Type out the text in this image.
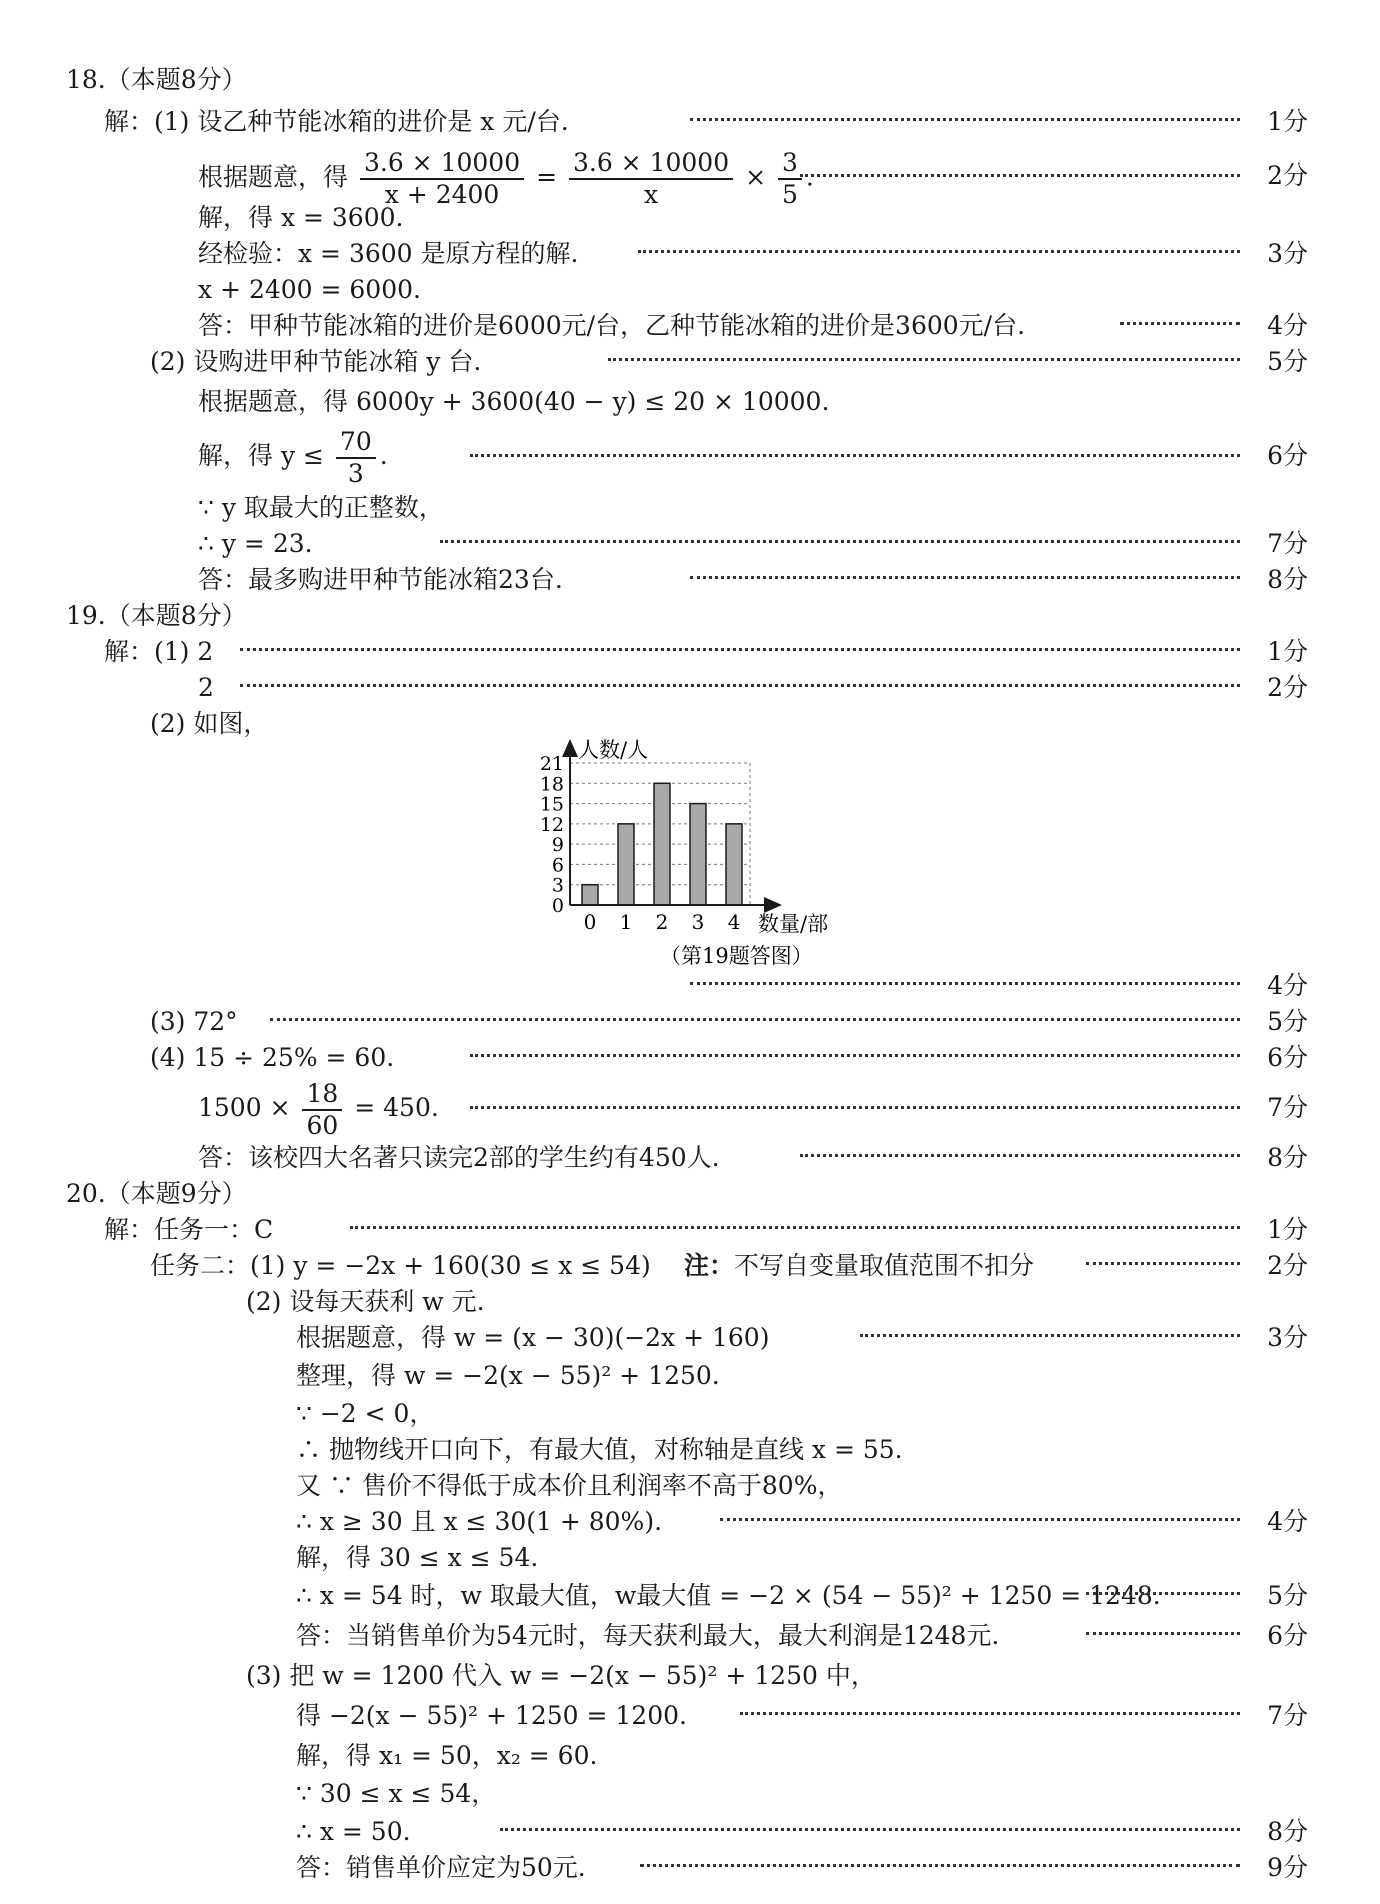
18.（本题8分）
解：(1) 设乙种节能冰箱的进价是 x 元/台.	1分
根据题意，得 $\frac{3.6 \times 10000}{x + 2400} = \frac{3.6 \times 10000}{x} \times \frac{3}{5}$ .	2分
解，得 x = 3600.
经检验：x = 3600 是原方程的解.	3分
x + 2400 = 6000.
答：甲种节能冰箱的进价是6000元/台，乙种节能冰箱的进价是3600元/台.	4分
(2) 设购进甲种节能冰箱 y 台.	5分
根据题意，得 6000y + 3600(40 − y) ≤ 20 × 10000.
解，得 $y \le \frac{70}{3}$ .	6分
∵ y 取最大的正整数，
∴ y = 23.	7分
答：最多购进甲种节能冰箱23台.	8分
19.（本题8分）
解：(1) 2	1分
2	2分
(2) 如图，
0
3
6
9
12
15
18
21
0 1 2 3 4
人数/人
数量/部
（第19题答图）
4分
(3) 72°	5分
(4) 15 ÷ 25% = 60.	6分
$1500 \times \frac{18}{60} = 450$.	7分
答：该校四大名著只读完2部的学生约有450人.	8分
20.（本题9分）
解：任务一：C	1分
任务二：(1) y = −2x + 160(30 ≤ x ≤ 54) 注：不写自变量取值范围不扣分	2分
(2) 设每天获利 w 元.
根据题意，得 w = (x − 30)(−2x + 160)	3分
整理，得 w = −2(x − 55)² + 1250.
∵ −2 < 0，
∴ 抛物线开口向下，有最大值，对称轴是直线 x = 55.
又 ∵ 售价不得低于成本价且利润率不高于80%，
∴ x ≥ 30 且 x ≤ 30(1 + 80%).	4分
解，得 30 ≤ x ≤ 54.
∴ x = 54 时，w 取最大值，w最大值 = −2 × (54 − 55)² + 1250 = 1248.	5分
答：当销售单价为54元时，每天获利最大，最大利润是1248元.	6分
(3) 把 w = 1200 代入 w = −2(x − 55)² + 1250 中，
得 −2(x − 55)² + 1250 = 1200.	7分
解，得 x₁ = 50，x₂ = 60.
∵ 30 ≤ x ≤ 54，
∴ x = 50.	8分
答：销售单价应定为50元.	9分
